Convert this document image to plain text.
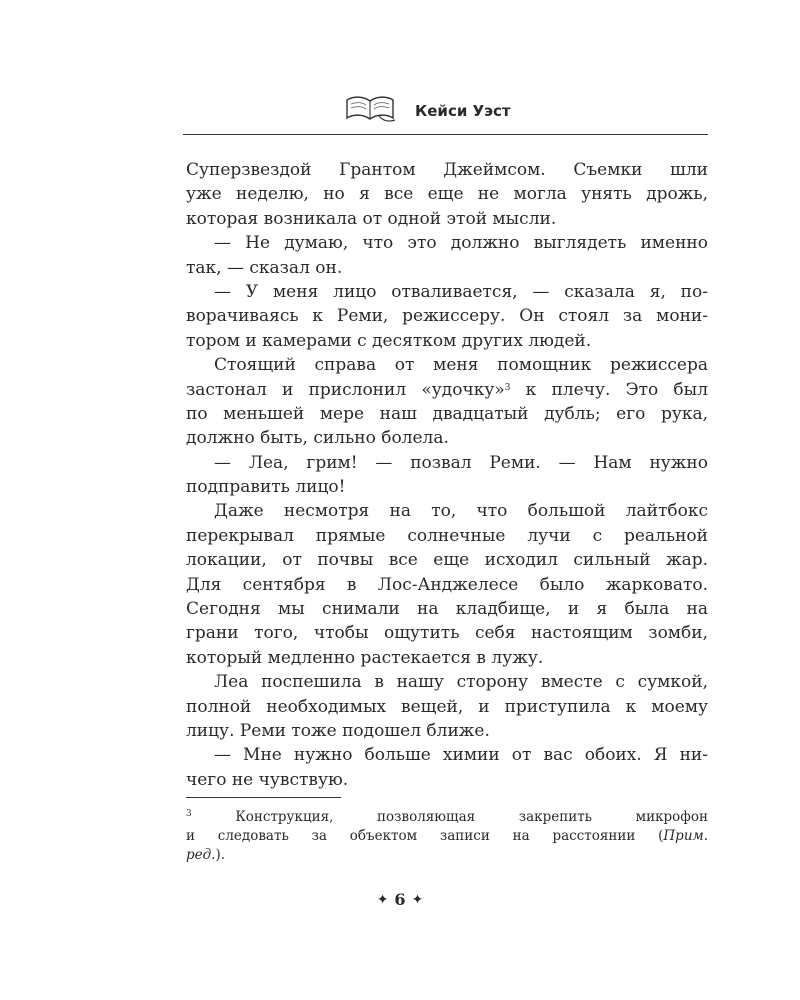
Кейси Уэст
Суперзвездой Грантом Джеймсом. Съемки шли
уже неделю, но я все еще не могла унять дрожь,
которая возникала от одной этой мысли.
— Не думаю, что это должно выглядеть именно
так, — сказал он.
— У меня лицо отваливается, — сказала я, по-
ворачиваясь к Реми, режиссеру. Он стоял за мони-
тором и камерами с десятком других людей.
Стоящий справа от меня помощник режиссера
застонал и прислонил «удочку»$^3$ к плечу. Это был
по меньшей мере наш двадцатый дубль; его рука,
должно быть, сильно болела.
— Леа, грим! — позвал Реми. — Нам нужно
подправить лицо!
Даже несмотря на то, что большой лайтбокс
перекрывал прямые солнечные лучи с реальной
локации, от почвы все еще исходил сильный жар.
Для сентября в Лос-Анджелесе было жарковато.
Сегодня мы снимали на кладбище, и я была на
грани того, чтобы ощутить себя настоящим зомби,
который медленно растекается в лужу.
Леа поспешила в нашу сторону вместе с сумкой,
полной необходимых вещей, и приступила к моему
лицу. Реми тоже подошел ближе.
— Мне нужно больше химии от вас обоих. Я ни-
чего не чувствую.
$^3$	Конструкция, позволяющая закрепить микрофон
и следовать за объектом записи на расстоянии (Прим.
ред.).
✦ 6 ✦
